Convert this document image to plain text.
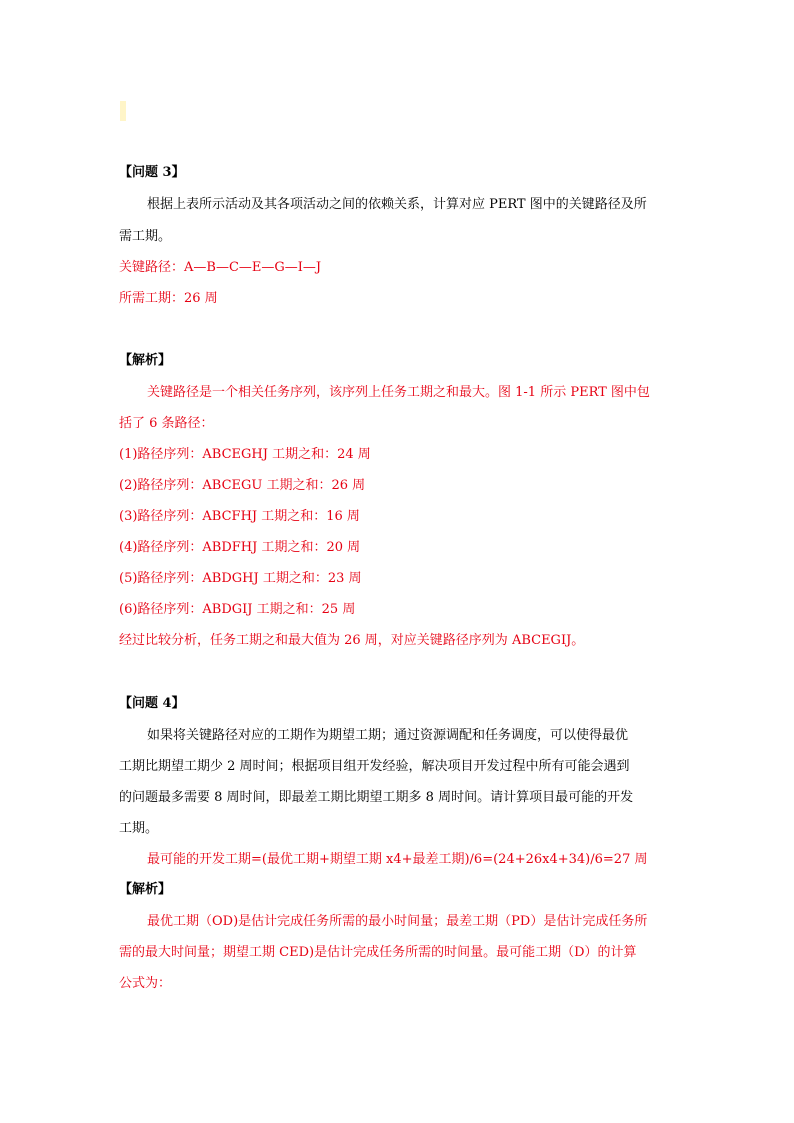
【问题 3】
根据上表所示活动及其各项活动之间的依赖关系，计算对应 PERT 图中的关键路径及所
需工期。
关键路径：A—B—C—E—G—I—J
所需工期：26 周
【解析】
关键路径是一个相关任务序列，该序列上任务工期之和最大。图 1-1 所示 PERT 图中包
括了 6 条路径：
(1)路径序列：ABCEGHJ 工期之和：24 周
(2)路径序列：ABCEGU 工期之和：26 周
(3)路径序列：ABCFHJ 工期之和：16 周
(4)路径序列：ABDFHJ 工期之和：20 周
(5)路径序列：ABDGHJ 工期之和：23 周
(6)路径序列：ABDGIJ 工期之和：25 周
经过比较分析，任务工期之和最大值为 26 周，对应关键路径序列为 ABCEGIJ。
【问题 4】
如果将关键路径对应的工期作为期望工期；通过资源调配和任务调度，可以使得最优
工期比期望工期少 2 周时间；根据项目组开发经验，解决项目开发过程中所有可能会遇到
的问题最多需要 8 周时间，即最差工期比期望工期多 8 周时间。请计算项目最可能的开发
工期。
最可能的开发工期=(最优工期+期望工期 x4+最差工期)/6=(24+26x4+34)/6=27 周
【解析】
最优工期（OD)是估计完成任务所需的最小时间量；最差工期（PD）是估计完成任务所
需的最大时间量；期望工期 CED)是估计完成任务所需的时间量。最可能工期（D）的计算
公式为：
